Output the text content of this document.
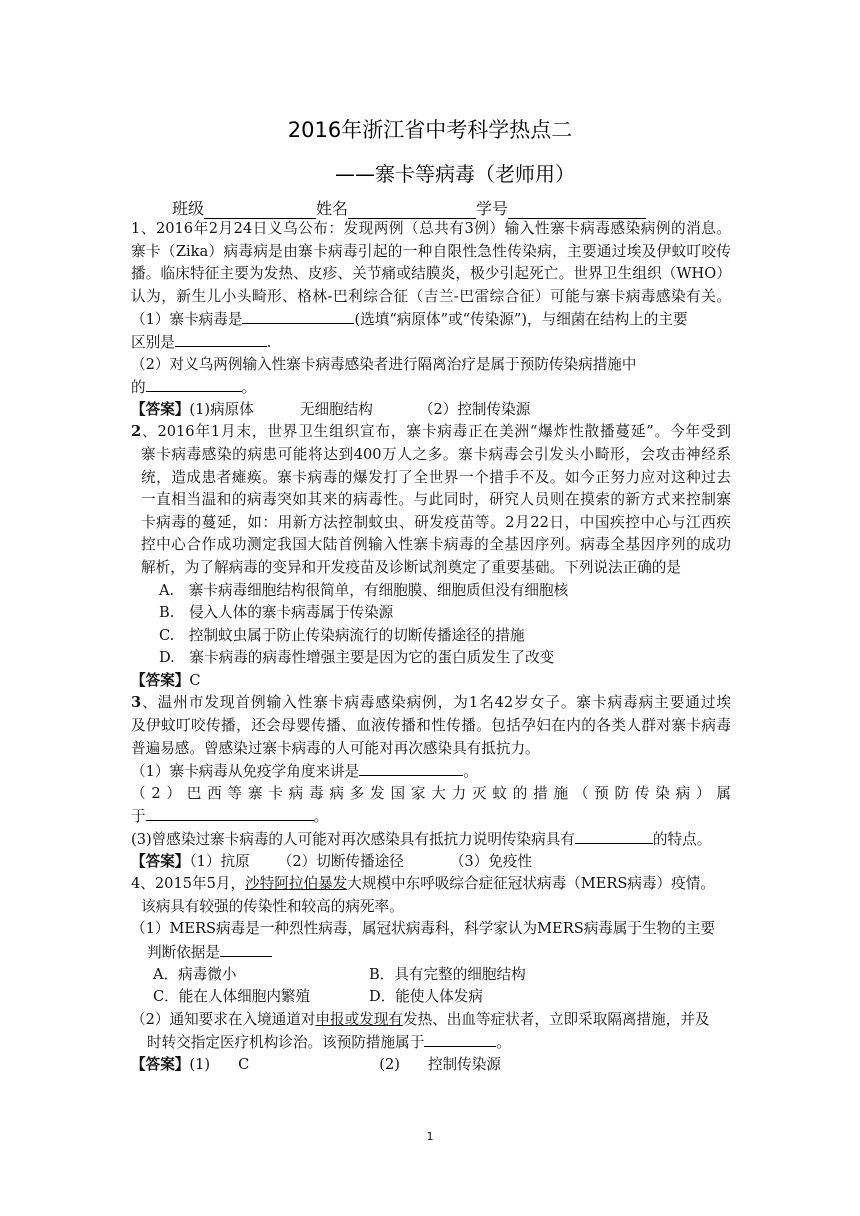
2016年浙江省中考科学热点二
——寨卡等病毒（老师用）
班级	姓名	学号
1、2016年2月24日义乌公布：发现两例（总共有3例）输入性寨卡病毒感染病例的消息。
寨卡（Zika）病毒病是由寨卡病毒引起的一种自限性急性传染病，主要通过埃及伊蚊叮咬传
播。临床特征主要为发热、皮疹、关节痛或结膜炎，极少引起死亡。世界卫生组织（WHO）
认为，新生儿小头畸形、格林-巴利综合征（吉兰-巴雷综合征）可能与寨卡病毒感染有关。
（1）寨卡病毒是	(选填“病原体”或“传染源”)，与细菌在结构上的主要
区别是	.
（2）对义乌两例输入性寨卡病毒感染者进行隔离治疗是属于预防传染病措施中
的	。
【答案】(1)病原体	无细胞结构	（2）控制传染源
2、2016年1月末，世界卫生组织宣布，寨卡病毒正在美洲“爆炸性散播蔓延”。今年受到
寨卡病毒感染的病患可能将达到400万人之多。寨卡病毒会引发头小畸形，会攻击神经系
统，造成患者瘫痪。寨卡病毒的爆发打了全世界一个措手不及。如今正努力应对这种过去
一直相当温和的病毒突如其来的病毒性。与此同时，研究人员则在摸索的新方式来控制寨
卡病毒的蔓延，如：用新方法控制蚊虫、研发疫苗等。2月22日，中国疾控中心与江西疾
控中心合作成功测定我国大陆首例输入性寨卡病毒的全基因序列。病毒全基因序列的成功
解析，为了解病毒的变异和开发疫苗及诊断试剂奠定了重要基础。下列说法正确的是
A.　寨卡病毒细胞结构很简单，有细胞膜、细胞质但没有细胞核
B.　侵入人体的寨卡病毒属于传染源
C.　控制蚊虫属于防止传染病流行的切断传播途径的措施
D.　寨卡病毒的病毒性增强主要是因为它的蛋白质发生了改变
【答案】C
3、温州市发现首例输入性寨卡病毒感染病例，为1名42岁女子。寨卡病毒病主要通过埃
及伊蚊叮咬传播，还会母婴传播、血液传播和性传播。包括孕妇在内的各类人群对寨卡病毒
普遍易感。曾感染过寨卡病毒的人可能对再次感染具有抵抗力。
（1）寨卡病毒从免疫学角度来讲是	。
（2）巴西等寨卡病毒病多发国家大力灭蚊的措施（预防传染病）属
于	。
(3)曾感染过寨卡病毒的人可能对再次感染具有抵抗力说明传染病具有	的特点。
【答案】（1）抗原 （2）切断传播途径	（3）免疫性
4、2015年5月，沙特阿拉伯暴发大规模中东呼吸综合症征冠状病毒（MERS病毒）疫情。
该病具有较强的传染性和较高的病死率。
（1）MERS病毒是一种烈性病毒，属冠状病毒科，科学家认为MERS病毒属于生物的主要
判断依据是
A．病毒微小	B．具有完整的细胞结构
C．能在人体细胞内繁殖	D．能使人体发病
（2）通知要求在入境通道对申报或发现有发热、出血等症状者，立即采取隔离措施，并及
时转交指定医疗机构诊治。该预防措施属于	。
【答案】(1) C	(2) 控制传染源
1
